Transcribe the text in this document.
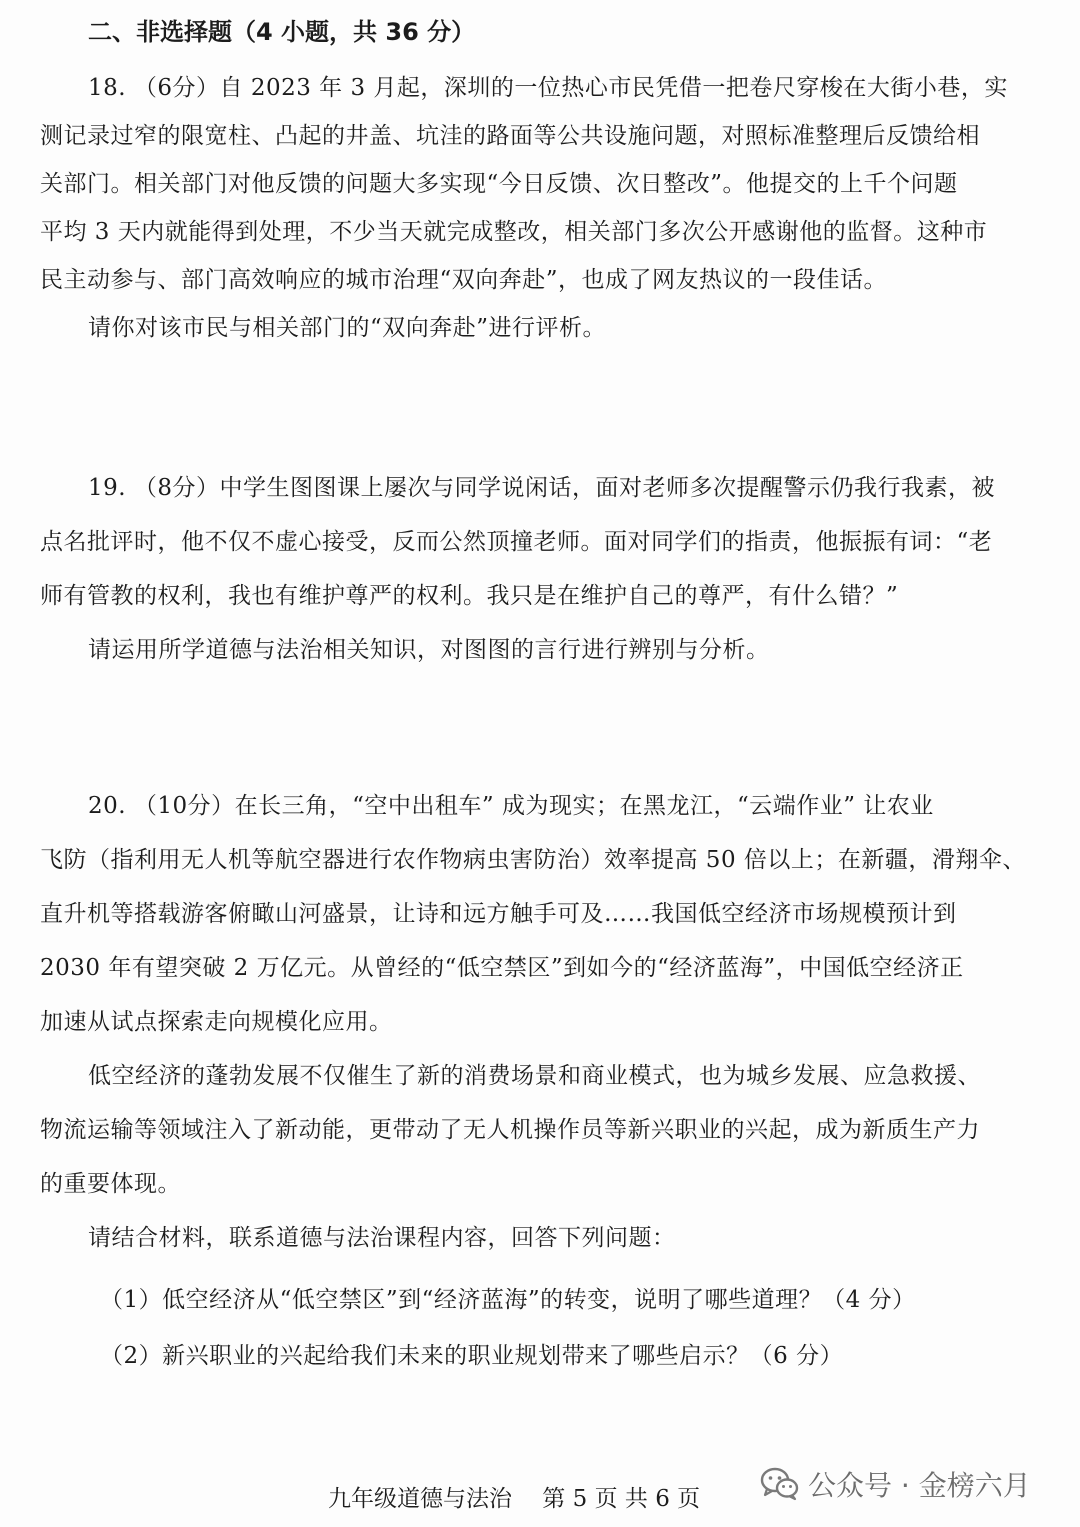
二、非选择题（4 小题，共 36 分）
18. （6分）自 2023 年 3 月起，深圳的一位热心市民凭借一把卷尺穿梭在大街小巷，实
测记录过窄的限宽柱、凸起的井盖、坑洼的路面等公共设施问题，对照标准整理后反馈给相
关部门。相关部门对他反馈的问题大多实现“今日反馈、次日整改”。他提交的上千个问题
平均 3 天内就能得到处理，不少当天就完成整改，相关部门多次公开感谢他的监督。这种市
民主动参与、部门高效响应的城市治理“双向奔赴”，也成了网友热议的一段佳话。
请你对该市民与相关部门的“双向奔赴”进行评析。
19. （8分）中学生图图课上屡次与同学说闲话，面对老师多次提醒警示仍我行我素，被
点名批评时，他不仅不虚心接受，反而公然顶撞老师。面对同学们的指责，他振振有词：“老
师有管教的权利，我也有维护尊严的权利。我只是在维护自己的尊严，有什么错？”
请运用所学道德与法治相关知识，对图图的言行进行辨别与分析。
20. （10分）在长三角，“空中出租车” 成为现实；在黑龙江，“云端作业” 让农业
飞防（指利用无人机等航空器进行农作物病虫害防治）效率提高 50 倍以上；在新疆，滑翔伞、
直升机等搭载游客俯瞰山河盛景，让诗和远方触手可及……我国低空经济市场规模预计到
2030 年有望突破 2 万亿元。从曾经的“低空禁区”到如今的“经济蓝海”，中国低空经济正
加速从试点探索走向规模化应用。
低空经济的蓬勃发展不仅催生了新的消费场景和商业模式，也为城乡发展、应急救援、
物流运输等领域注入了新动能，更带动了无人机操作员等新兴职业的兴起，成为新质生产力
的重要体现。
请结合材料，联系道德与法治课程内容，回答下列问题：
（1）低空经济从“低空禁区”到“经济蓝海”的转变，说明了哪些道理？（4 分）
（2）新兴职业的兴起给我们未来的职业规划带来了哪些启示？（6 分）
九年级道德与法治　 第 5 页 共 6 页	公众号 · 金榜六月
